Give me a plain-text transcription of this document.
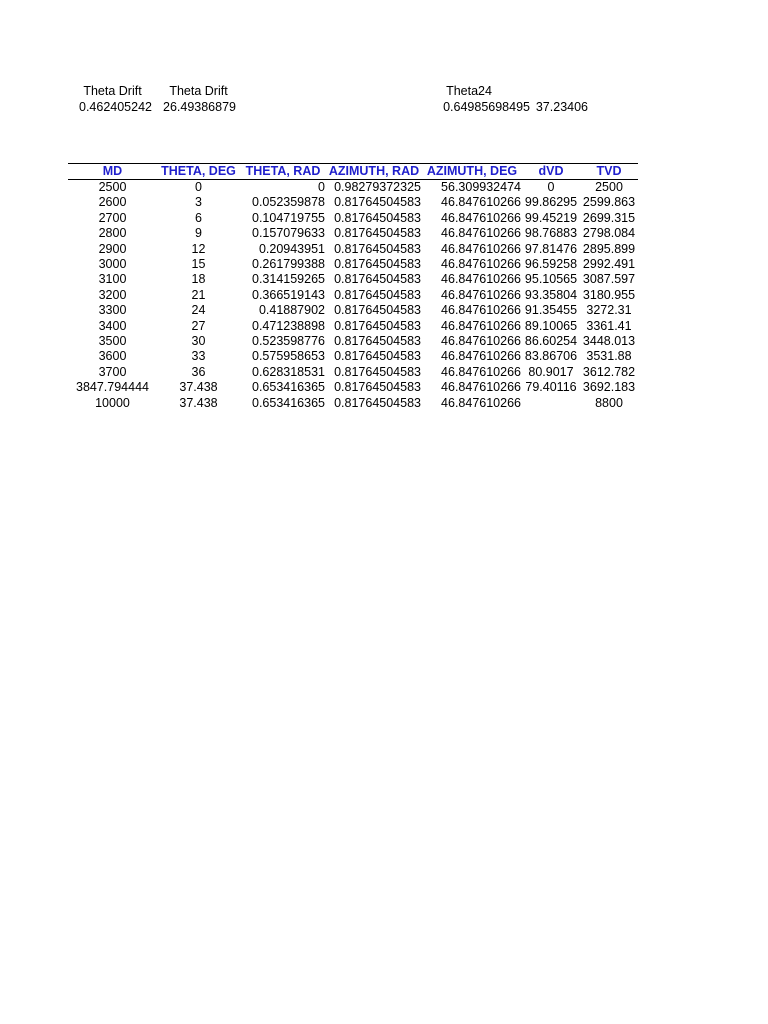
Theta Drift	Theta Drift	Theta24
0.462405242 26.49386879	0.64985698495 37.23406
MD	THETA, DEG	THETA, RAD	AZIMUTH, RAD	AZIMUTH, DEG	dVD	TVD
2500	0	0	0.98279372325	56.309932474	0	2500
2600	3	0.052359878	0.81764504583	46.847610266	99.86295	2599.863
2700	6	0.104719755	0.81764504583	46.847610266	99.45219	2699.315
2800	9	0.157079633	0.81764504583	46.847610266	98.76883	2798.084
2900	12	0.20943951	0.81764504583	46.847610266	97.81476	2895.899
3000	15	0.261799388	0.81764504583	46.847610266	96.59258	2992.491
3100	18	0.314159265	0.81764504583	46.847610266	95.10565	3087.597
3200	21	0.366519143	0.81764504583	46.847610266	93.35804	3180.955
3300	24	0.41887902	0.81764504583	46.847610266	91.35455	3272.31
3400	27	0.471238898	0.81764504583	46.847610266	89.10065	3361.41
3500	30	0.523598776	0.81764504583	46.847610266	86.60254	3448.013
3600	33	0.575958653	0.81764504583	46.847610266	83.86706	3531.88
3700	36	0.628318531	0.81764504583	46.847610266	80.9017	3612.782
3847.794444	37.438	0.653416365	0.81764504583	46.847610266	79.40116	3692.183
10000	37.438	0.653416365	0.81764504583	46.847610266		8800
